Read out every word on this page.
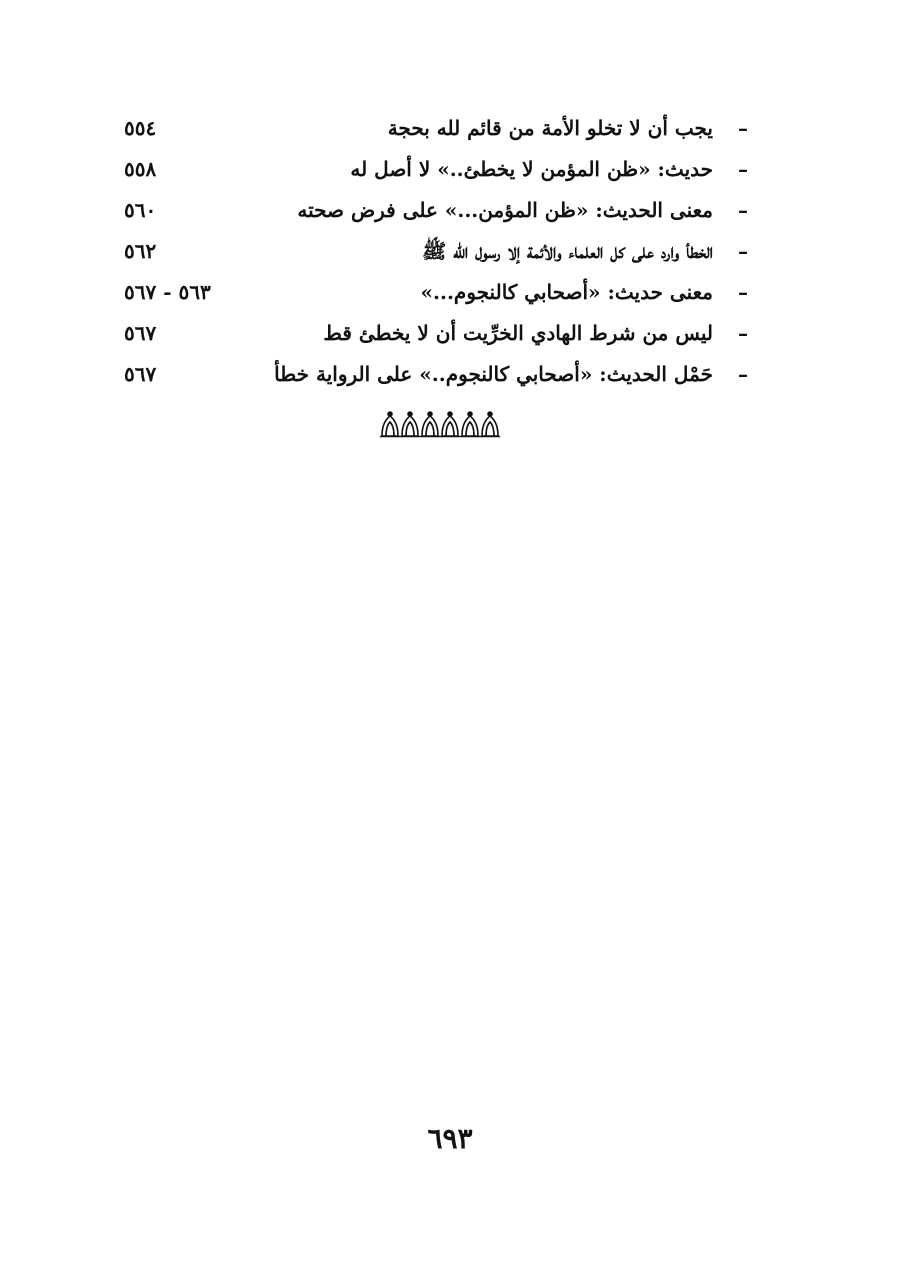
–
يجب أن لا تخلو الأمة من قائم لله بحجة
٥٥٤
–
حديث: «ظن المؤمن لا يخطئ..» لا أصل له
٥٥٨
–
معنى الحديث: «ظن المؤمن...» على فرض صحته
٥٦٠
–
الخطأ وارد على كل العلماء والأئمة إلا رسول الله ﷺ
٥٦٢
–
معنى حديث: «أصحابي كالنجوم...»
٥٦٣ - ٥٦٧
–
ليس من شرط الهادي الخرِّيت أن لا يخطئ قط
٥٦٧
–
حَمْل الحديث: «أصحابي كالنجوم..» على الرواية خطأ
٥٦٧
٦٩٣
